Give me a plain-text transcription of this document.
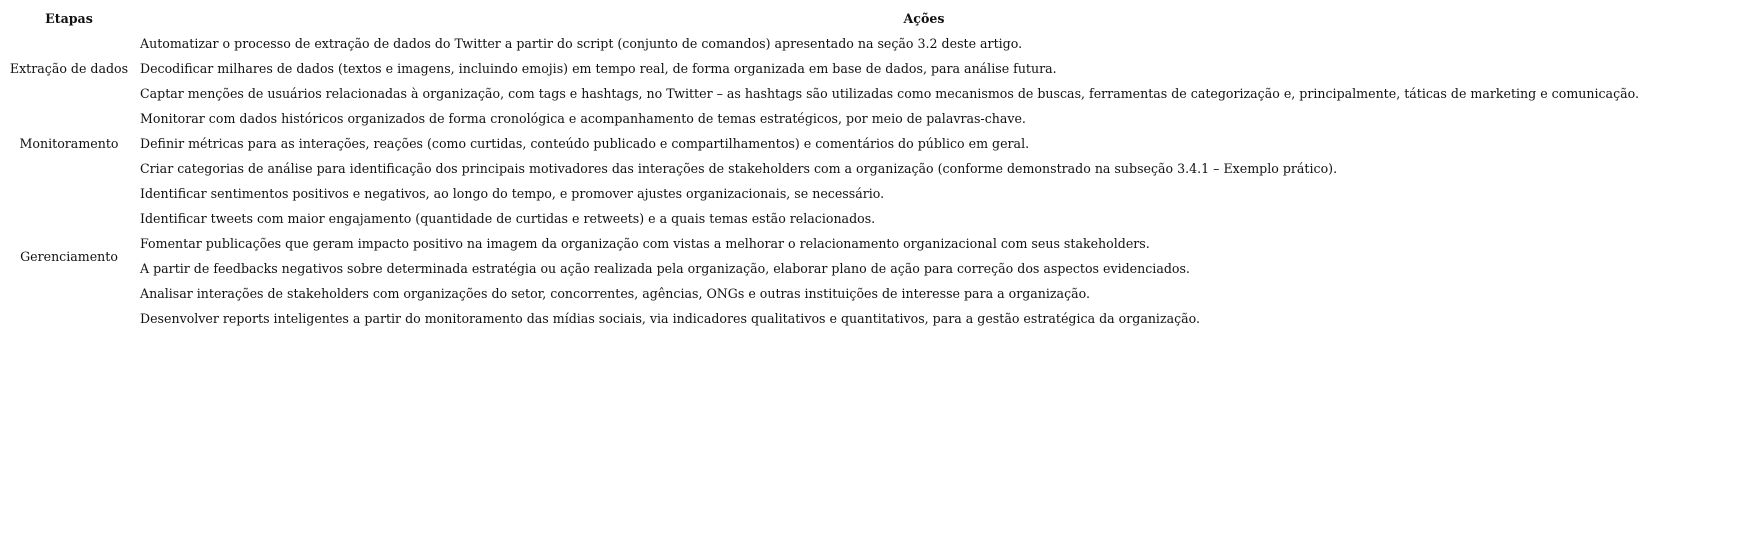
Etapas	Ações
Extração de dados	Automatizar o processo de extração de dados do Twitter a partir do script (conjunto de comandos) apresentado na seção 3.2 deste artigo.
	Decodificar milhares de dados (textos e imagens, incluindo emojis) em tempo real, de forma organizada em base de dados, para análise futura.
	Captar menções de usuários relacionadas à organização, com tags e hashtags, no Twitter – as hashtags são utilizadas como mecanismos de buscas, ferramentas de categorização e, principalmente, táticas de marketing e comunicação.
Monitoramento	Monitorar com dados históricos organizados de forma cronológica e acompanhamento de temas estratégicos, por meio de palavras-chave.
	Definir métricas para as interações, reações (como curtidas, conteúdo publicado e compartilhamentos) e comentários do público em geral.
	Criar categorias de análise para identificação dos principais motivadores das interações de stakeholders com a organização (conforme demonstrado na subseção 3.4.1 – Exemplo prático).
Gerenciamento	Identificar sentimentos positivos e negativos, ao longo do tempo, e promover ajustes organizacionais, se necessário.
	Identificar tweets com maior engajamento (quantidade de curtidas e retweets) e a quais temas estão relacionados.
	Fomentar publicações que geram impacto positivo na imagem da organização com vistas a melhorar o relacionamento organizacional com seus stakeholders.
	A partir de feedbacks negativos sobre determinada estratégia ou ação realizada pela organização, elaborar plano de ação para correção dos aspectos evidenciados.
	Analisar interações de stakeholders com organizações do setor, concorrentes, agências, ONGs e outras instituições de interesse para a organização.
	Desenvolver reports inteligentes a partir do monitoramento das mídias sociais, via indicadores qualitativos e quantitativos, para a gestão estratégica da organização.
